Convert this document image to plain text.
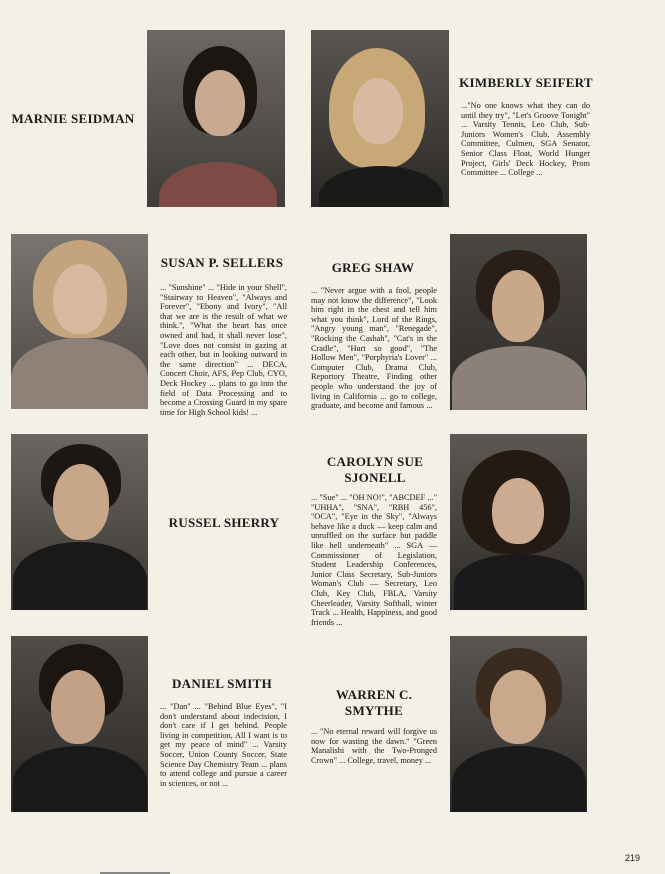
MARNIE SEIDMAN
KIMBERLY SEIFERT
..."No one knows what they can do until they try", "Let's Groove Tonight" ... Varsity Tennis, Leo Club, Sub-Juniors Women's Club, Assembly Committee, Culmen, SGA Senator, Senior Class Float, World Hunger Project, Girls' Deck Hockey, Prom Committee ... College ...
SUSAN P. SELLERS
... "Sunshine" ... "Hide in your Shell", "Stairway to Heaven", "Always and Forever", "Ebony and Ivory", "All that we are is the result of what we think.", "What the heart has once owned and had, it shall never lose", "Love does not consist in gazing at each other, but in looking outward in the same direction" ... DECA, Concert Choir, AFS, Pep Club, CYO, Deck Hockey ... plans to go into the field of Data Processing and to become a Crossing Guard in my spare time for High School kids! ...
GREG SHAW
... "Never argue with a fool, people may not know the difference", "Look him right in the chest and tell him what you think", Lord of the Rings, "Angry young man", "Renegade", "Rocking the Casbah", "Cat's in the Cradle", "Hurt so good", "The Hollow Men", "Porphyria's Lover" ... Computer Club, Drama Club, Reportory Theatre, Finding other people who understand the joy of living in California ... go to college, graduate, and become and famous ...
RUSSEL SHERRY
CAROLYN SUE SJONELL
... "Sue" ... "OH NO!", "ABCDEF ..." "UHHA", "SNA", "RBH 456", "OCA", "Eye in the Sky", "Always behave like a duck — keep calm and unruffled on the surface but paddle like hell underneath" ... SGA — Commissioner of Legislation, Student Leadership Conferences, Junior Class Secretary, Sub-Juniors Woman's Club — Secretary, Leo Club, Key Club, FBLA, Varsity Cheerleader, Varsity Softball, winter Track ... Health, Happiness, and good friends ...
DANIEL SMITH
... "Dan" ... "Behind Blue Eyes", "I don't understand about indecision, I don't care if I get behind. People living in competition, All I want is to get my peace of mind" ... Varsity Soccer, Union County Soccer, State Science Day Chemistry Team ... plans to attend college and pursue a career in sciences, or not ...
WARREN C. SMYTHE
... "No eternal reward will forgive us now for wasting the dawn." "Green Manalishi with the Two-Pronged Crown" ... College, travel, money ...
219
